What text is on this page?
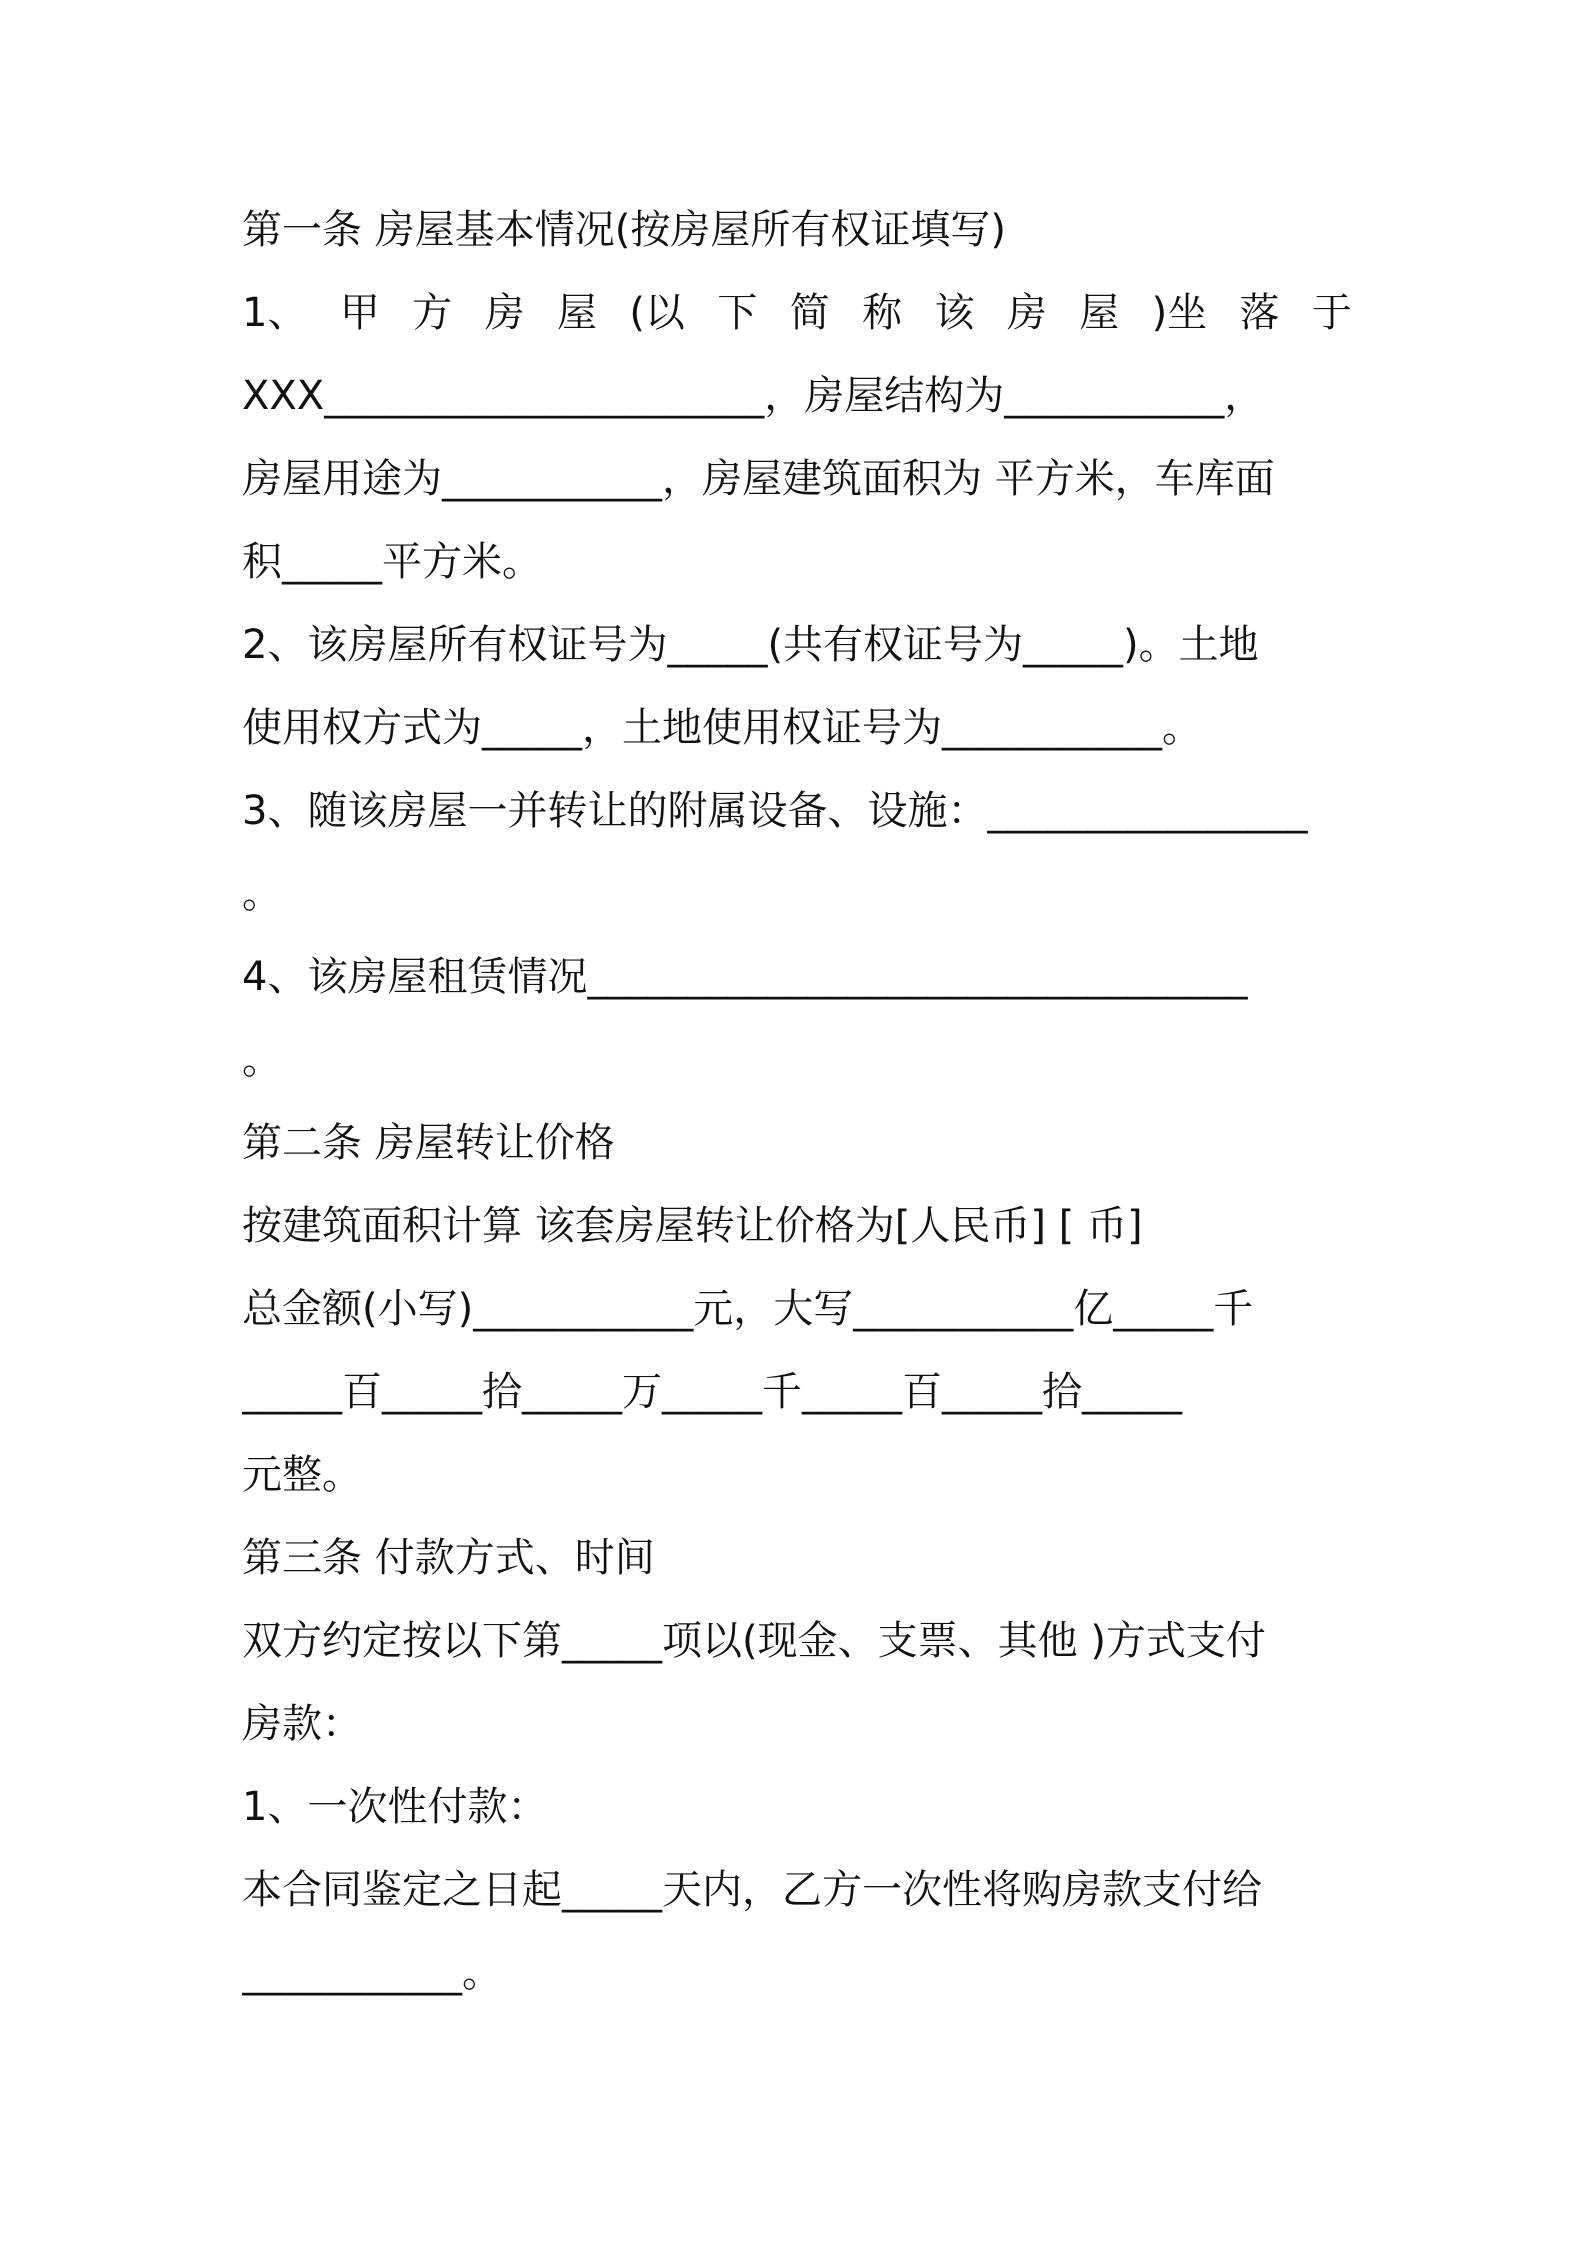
第一条 房屋基本情况(按房屋所有权证填写)
1、 甲 方 房 屋 (以 下 简 称 该 房 屋 )坐 落 于
XXX______________________，房屋结构为___________，
房屋用途为___________，房屋建筑面积为 平方米，车库面
积_____平方米。
2、该房屋所有权证号为_____(共有权证号为_____)。土地
使用权方式为_____，土地使用权证号为___________。
3、随该房屋一并转让的附属设备、设施：________________
。
4、该房屋租赁情况_________________________________
。
第二条 房屋转让价格
按建筑面积计算 该套房屋转让价格为[人民币] [ 币]
总金额(小写)___________元，大写___________亿_____千
_____百_____拾_____万_____千_____百_____拾_____
元整。
第三条 付款方式、时间
双方约定按以下第_____项以(现金、支票、其他 )方式支付
房款：
1、一次性付款：
本合同鉴定之日起_____天内，乙方一次性将购房款支付给
___________。
